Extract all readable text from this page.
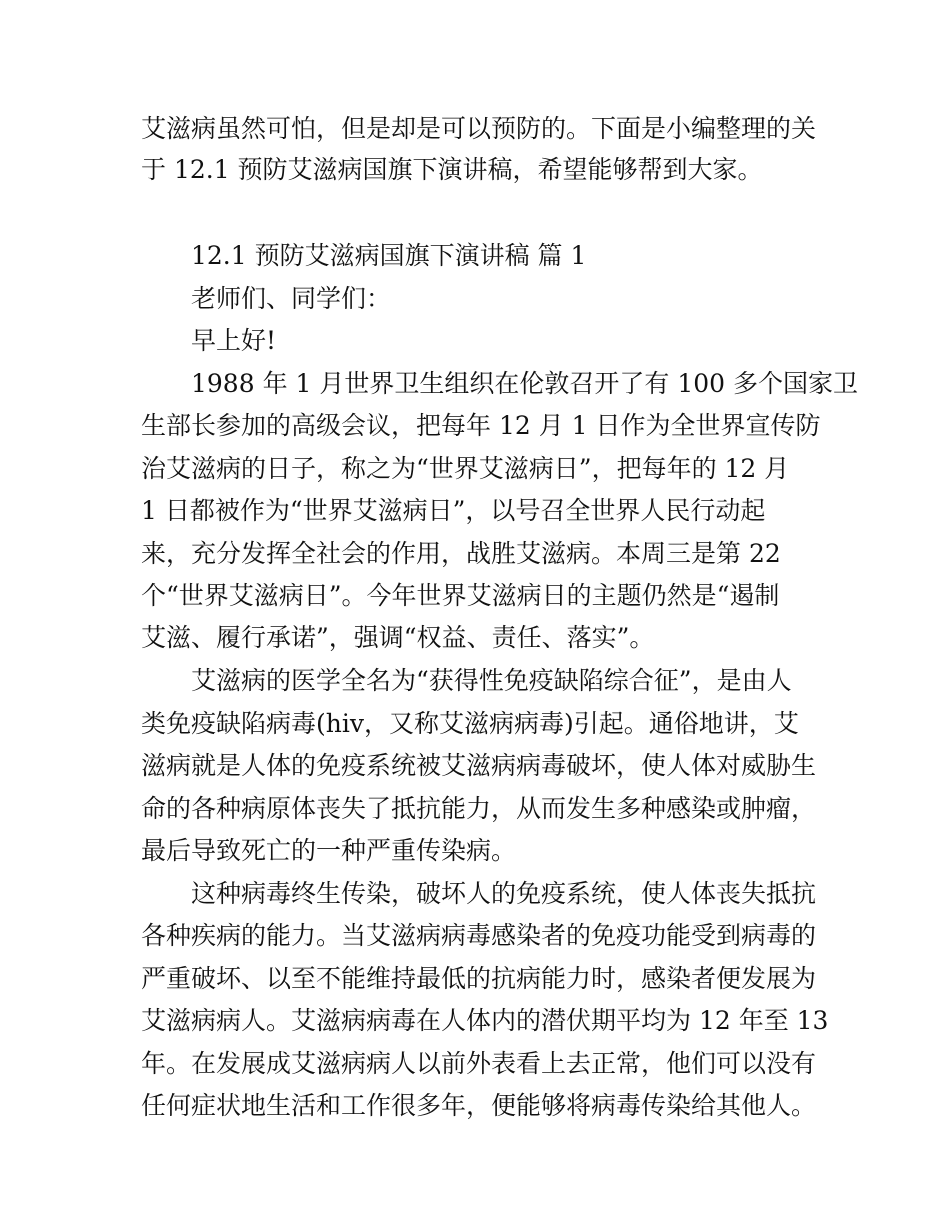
艾滋病虽然可怕，但是却是可以预防的。下面是小编整理的关
于 12.1 预防艾滋病国旗下演讲稿，希望能够帮到大家。
12.1 预防艾滋病国旗下演讲稿 篇 1
老师们、同学们：
早上好!
1988 年 1 月世界卫生组织在伦敦召开了有 100 多个国家卫
生部长参加的高级会议，把每年 12 月 1 日作为全世界宣传防
治艾滋病的日子，称之为“世界艾滋病日”，把每年的 12 月
1 日都被作为“世界艾滋病日”，以号召全世界人民行动起
来，充分发挥全社会的作用，战胜艾滋病。本周三是第 22
个“世界艾滋病日”。今年世界艾滋病日的主题仍然是“遏制
艾滋、履行承诺”，强调“权益、责任、落实”。
艾滋病的医学全名为“获得性免疫缺陷综合征”，是由人
类免疫缺陷病毒(hiv，又称艾滋病病毒)引起。通俗地讲，艾
滋病就是人体的免疫系统被艾滋病病毒破坏，使人体对威胁生
命的各种病原体丧失了抵抗能力，从而发生多种感染或肿瘤，
最后导致死亡的一种严重传染病。
这种病毒终生传染，破坏人的免疫系统，使人体丧失抵抗
各种疾病的能力。当艾滋病病毒感染者的免疫功能受到病毒的
严重破坏、以至不能维持最低的抗病能力时，感染者便发展为
艾滋病病人。艾滋病病毒在人体内的潜伏期平均为 12 年至 13
年。在发展成艾滋病病人以前外表看上去正常，他们可以没有
任何症状地生活和工作很多年，便能够将病毒传染给其他人。
